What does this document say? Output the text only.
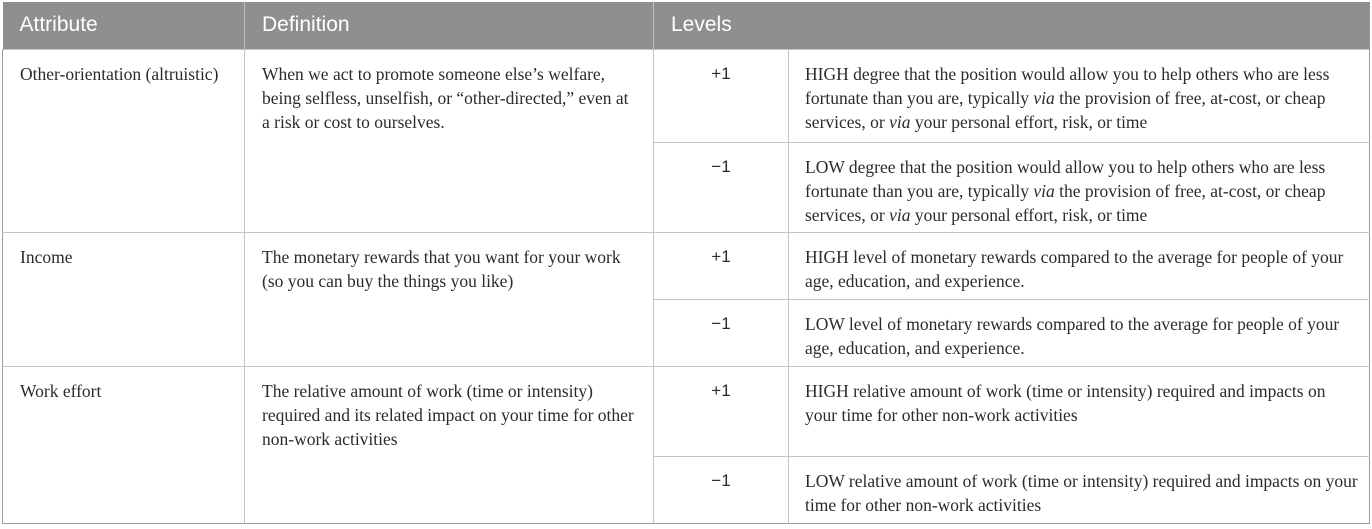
Attribute	Definition	Levels	
Other-orientation (altruistic)	When we act to promote someone else’s welfare, being selfless, unselfish, or “other-directed,” even at a risk or cost to ourselves.	+1	HIGH degree that the position would allow you to help others who are less fortunate than you are, typically via the provision of free, at-cost, or cheap services, or via your personal effort, risk, or time
		−1	LOW degree that the position would allow you to help others who are less fortunate than you are, typically via the provision of free, at-cost, or cheap services, or via your personal effort, risk, or time
Income	The monetary rewards that you want for your work (so you can buy the things you like)	+1	HIGH level of monetary rewards compared to the average for people of your age, education, and experience.
		−1	LOW level of monetary rewards compared to the average for people of your age, education, and experience.
Work effort	The relative amount of work (time or intensity) required and its related impact on your time for other non-work activities	+1	HIGH relative amount of work (time or intensity) required and impacts on your time for other non-work activities
		−1	LOW relative amount of work (time or intensity) required and impacts on your time for other non-work activities
